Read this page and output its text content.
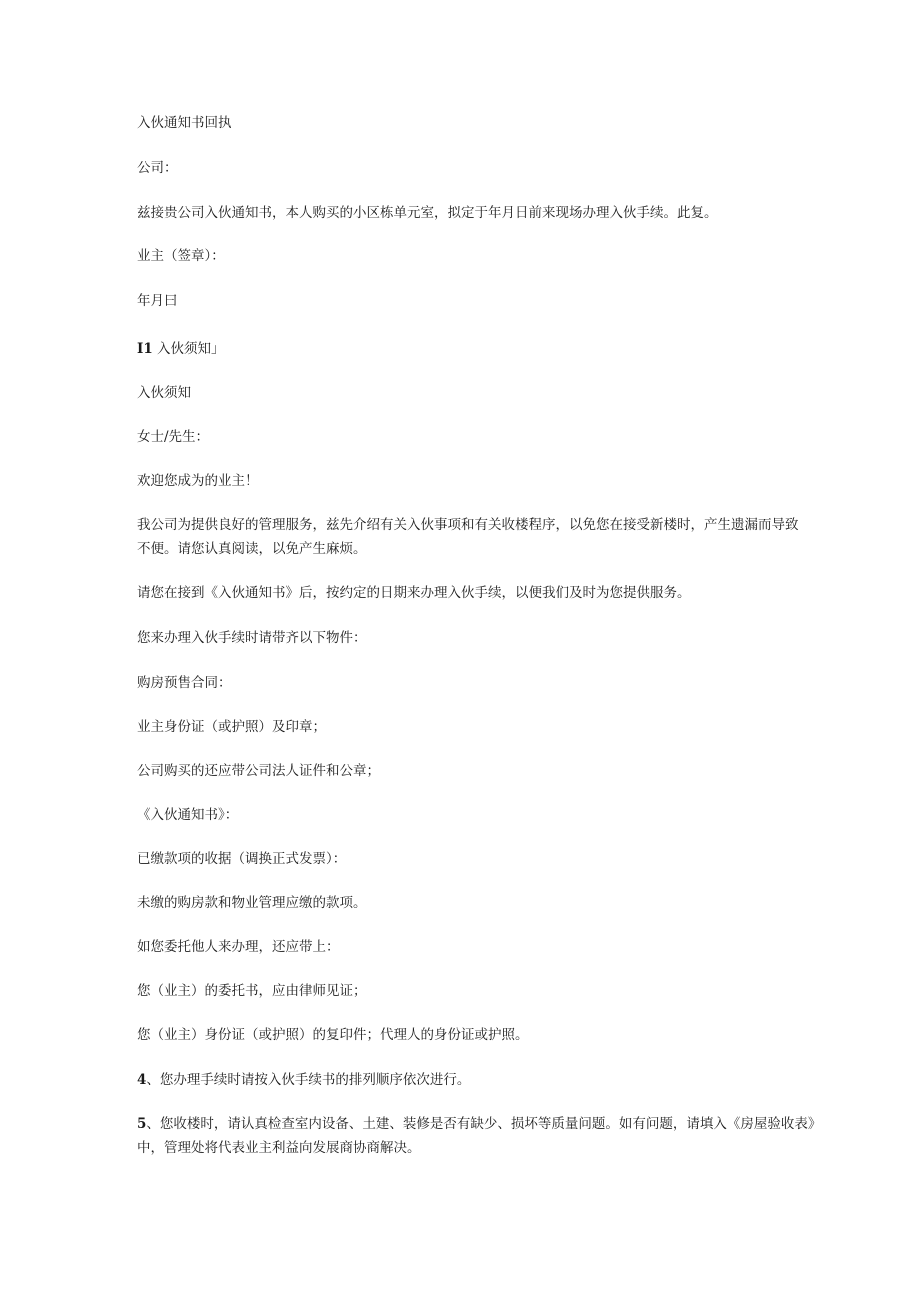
入伙通知书回执
公司：
兹接贵公司入伙通知书，本人购买的小区栋单元室，拟定于年月日前来现场办理入伙手续。此复。
业主（签章）：
年月曰
I1 入伙须知」
入伙须知
女士/先生：
欢迎您成为的业主！
我公司为提供良好的管理服务，兹先介绍有关入伙事项和有关收楼程序，以免您在接受新楼时，产生遗漏而导致
不便。请您认真阅读，以免产生麻烦。
请您在接到《入伙通知书》后，按约定的日期来办理入伙手续，以便我们及时为您提供服务。
您来办理入伙手续时请带齐以下物件：
购房预售合同：
业主身份证（或护照）及印章；
公司购买的还应带公司法人证件和公章；
《入伙通知书》：
已缴款项的收据（调换正式发票）：
未缴的购房款和物业管理应缴的款项。
如您委托他人来办理，还应带上：
您（业主）的委托书，应由律师见证；
您（业主）身份证（或护照）的复印件；代理人的身份证或护照。
4、您办理手续时请按入伙手续书的排列顺序依次进行。
5、您收楼时，请认真检查室内设备、土建、装修是否有缺少、损坏等质量问题。如有问题，请填入《房屋验收表》
中，管理处将代表业主利益向发展商协商解决。
